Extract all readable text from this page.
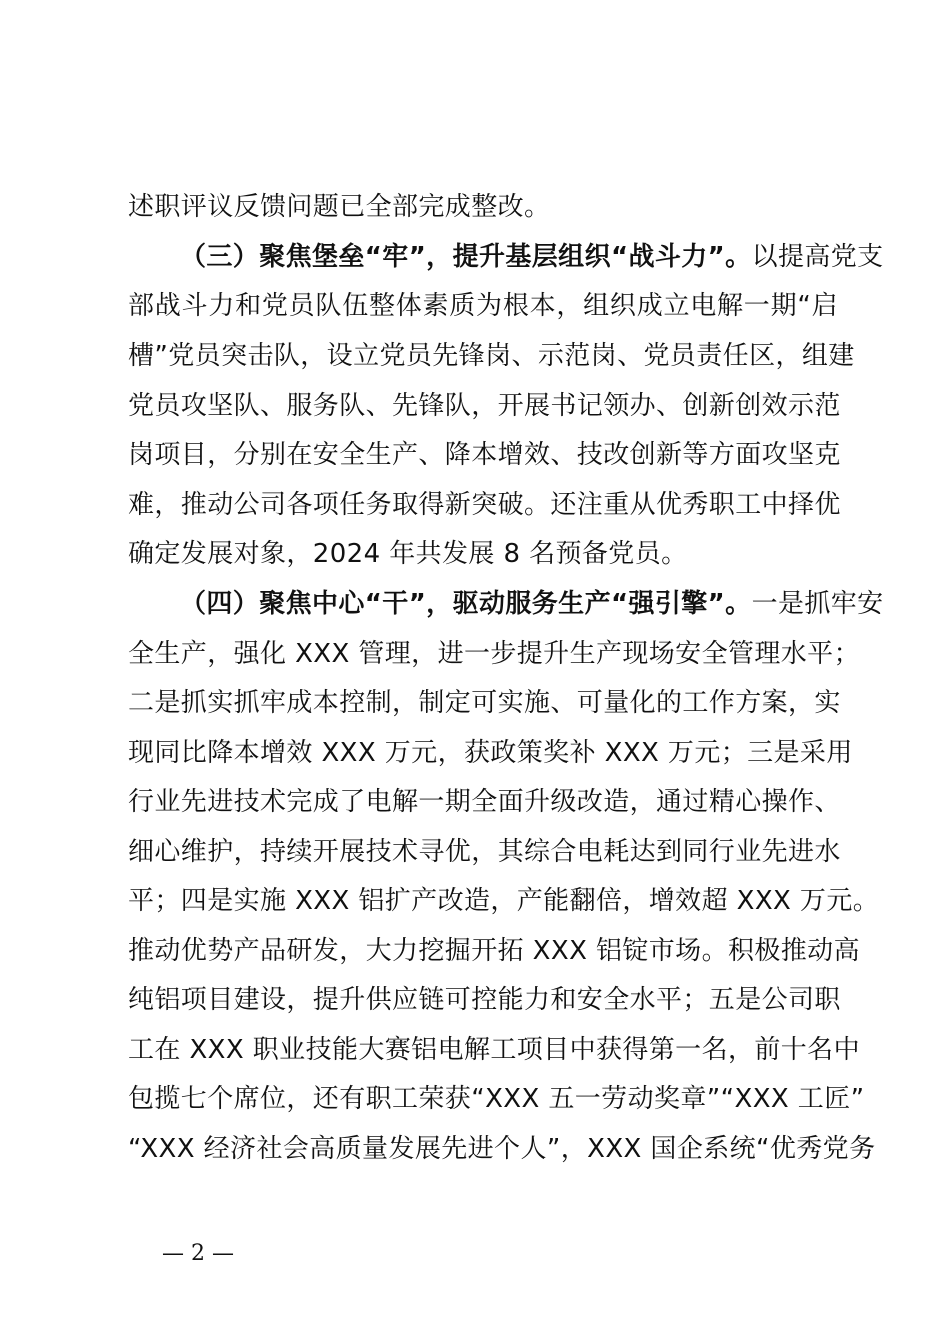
述职评议反馈问题已全部完成整改。
（三）聚焦堡垒“牢”，提升基层组织“战斗力”。以提高党支
部战斗力和党员队伍整体素质为根本，组织成立电解一期“启
槽”党员突击队，设立党员先锋岗、示范岗、党员责任区，组建
党员攻坚队、服务队、先锋队，开展书记领办、创新创效示范
岗项目，分别在安全生产、降本增效、技改创新等方面攻坚克
难，推动公司各项任务取得新突破。还注重从优秀职工中择优
确定发展对象，2024 年共发展 8 名预备党员。
（四）聚焦中心“干”，驱动服务生产“强引擎”。一是抓牢安
全生产，强化 XXX 管理，进一步提升生产现场安全管理水平；
二是抓实抓牢成本控制，制定可实施、可量化的工作方案，实
现同比降本增效 XXX 万元，获政策奖补 XXX 万元；三是采用
行业先进技术完成了电解一期全面升级改造，通过精心操作、
细心维护，持续开展技术寻优，其综合电耗达到同行业先进水
平；四是实施 XXX 铝扩产改造，产能翻倍，增效超 XXX 万元。
推动优势产品研发，大力挖掘开拓 XXX 铝锭市场。积极推动高
纯铝项目建设，提升供应链可控能力和安全水平；五是公司职
工在 XXX 职业技能大赛铝电解工项目中获得第一名，前十名中
包揽七个席位，还有职工荣获“XXX 五一劳动奖章”“XXX 工匠”
“XXX 经济社会高质量发展先进个人”，XXX 国企系统“优秀党务
— 2 —
